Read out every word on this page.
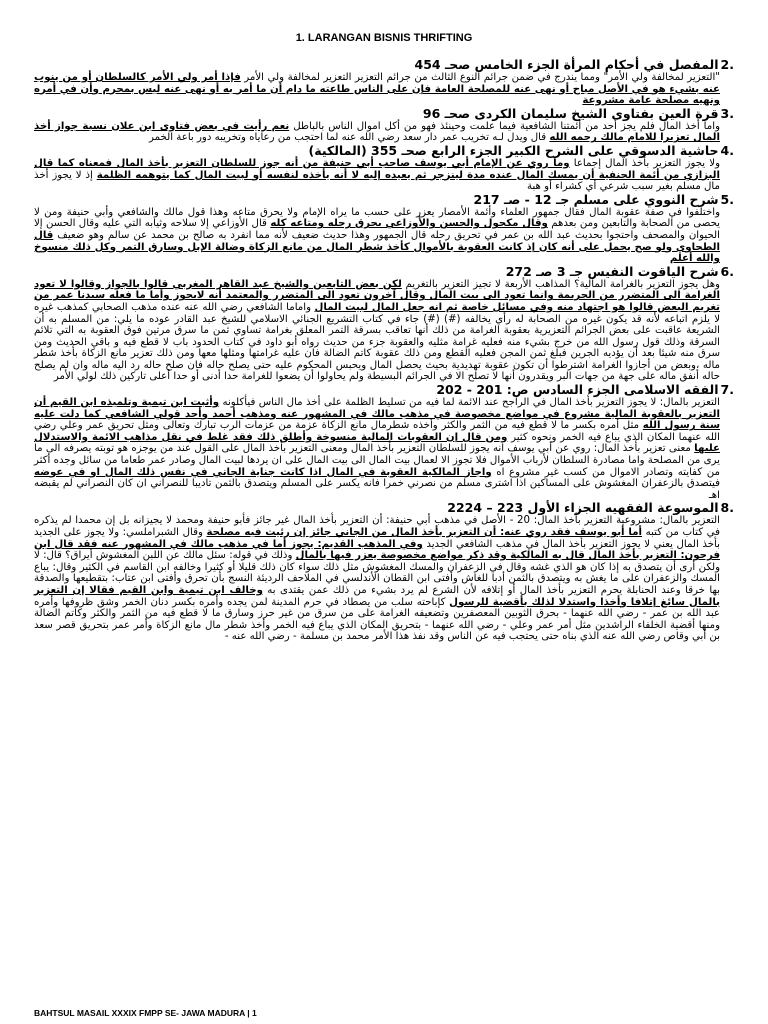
1. LARANGAN BISNIS THRIFTING
2.
المفصل في أحكام المرأة الجزء الخامس صحـ 454
"التعزير لمخالفة ولي الأمر" ومما يندرج في ضمن جرائم النوع الثالث من جرائم التعزير التعزير لمخالفة ولي الأمر فإذا أمر ولي الأمر كالسلطان أو من ينوب عنه بشيء هو في الأصل مباح أو نهى عنه للمصلحة العامة فإن على الناس طاعته ما دام أن ما أمر به أو نهى عنه ليس بمحرم وأن في أمره ونهيه مصلحة عامة مشروعة
3.
قرة العين بفتاوى الشيخ سليمان الكردى صحـ 96
واما أخذ المال فلم يجز أحد من أئمتنا الشافعية فيما علمت وحينئذ فهو من أكل اموال الناس بالباطل نعم رأيت في بعض فتاوى ابن علان نسبة جواز أخذ المال تعزيرا للامام مالك رحمه الله قال ويدل لـه تخريب عمر دار سعد رضي الله عنه لما احتجب من رعاياه وتخريبه دور باعة الخمر
4.
حاشية الدسوقي على الشرح الكبير الجزء الرابع صحـ 355 (المالكية)
ولا يجوز التعزير بأخذ المال إجماعا وما روي عن الإمام أبي يوسف صاحب أبي حنيفة من أنه جوز للسلطان التعزير بأخذ المال فمعناه كما قال البزازي من أئمة الحنفية أن يمسك المال عنده مدة لينزجر ثم يعيده إليه لا أنه يأخذه لنفسه أو لبيت المال كما يتوهمه الظلمة إذ لا يجوز أخذ مال مسلم بغير سبب شرعي أي كشراء أو هبة
5.
شرح النووي على مسلم جـ 12 - صـ 217
واختلفوا في صفة عقوبة المال فقال جمهور العلماء وأئمة الأمصار يعزر على حسب ما يراه الإمام ولا يحرق متاعه وهذا قول مالك والشافعي وأبي حنيفة ومن لا يحصى من الصحابة والتابعين ومن بعدهم وقال مكحول والحسن والأوزاعي يحرق رحله ومتاعه كله قال الأوزاعي إلا سلاحه وثيابه التي عليه وقال الحسن إلا الحيوان والمصحف واحتجوا بحديث عبد الله بن عمر في تحريق رحله قال الجمهور وهذا حديث ضعيف لأنه مما انفرد به صالح بن محمد عن سالم وهو ضعيف قال الطحاوي ولو صح يحمل على أنه كان إذ كانت العقوبة بالأموال كأخذ شطر المال من مانع الزكاة وضالة الإبل وسارق التمر وكل ذلك منسوخ والله أعلم
6.
شرح الياقوت النفيس جـ 3 صـ 272
وهل يجوز التعزير بالغرامة المالية؟ المذاهب الأربعة لا تجيز التعزير بالتغريم لكن بعض التابعين والشيخ عبد القاهر المغربي قالوا بالجواز وقالوا لا تعود الغرامة الى المتضرر من الجريمة وانما تعود الى بيت المال وقال آخرون تعود الى المتضرر والمعتمد أنه لايجوز وأما ما فعله سيدنا عمر من تغريم البعض قالوا هو اجتهاد منه وفي مسائل خاصة ثم انه جعل المال لبيت المال واماما الشافعي رضي الله عنه عنده مذهب الصحابي كمذهب غيره لا يلزم اتباعه لأنه قد يكون غيره من الصحابة له رأي يخالفه (#) (#) جاء في كتاب التشريع الجنائي الاسلامي للشيخ عبد القادر عوده ما يلي: من المسلم به أن الشريعة عاقبت على بعض الجرائم التعزيرية بعقوبة الغرامة من ذلك أنها تعاقب بسرقة التمر المعلق بغرامة تساوي ثمن ما سرق مرتين فوق العقوبة به التي تلائم السرقة وذلك قول رسول الله من خرج بشيء منه فعليه غرامة مثليه والعقوبة جزء من حديث رواه أبو داود في كتاب الحدود باب لا قطع فيه و باقي الحديث ومن سرق منه شيئا بعد أن يؤديه الجرين فبلغ ثمن المجن فعليه القطع ومن ذلك عقوبة كاتم الضالة فان عليه غرامتها ومثلها معها ومن ذلك تعزير مانع الزكاة بأخذ شطر ماله ،وبعض من أجازوا الغرامة اشترطوا أن تكون عقوبة تهديدية بحيث يحصل المال ويحبس المحكوم عليه حتى يصلح حاله فان صلح حاله رد اليه ماله وان لم يصلح حاله أنفق ماله على جهة من جهات البر ويقدرون أنها لا تصلح الا في الجرائم البسيطة ولم يحاولوا أن يضعوا للغرامة حدا أدنى أو حدا أعلى تاركين ذلك لولي الأمر
7.
الفقه الاسلامى الجزء السادس ص: 201 - 202
التعزير بالمال: لا يجوز التعزير بأخذ المال في الراجح عند الائمة لما فيه من تسليط الظلمة على أخذ مال الناس فيأكلونه وأثبت ابن تيمية وتلميذه ابن القيم أن التعزير بالعقوبة المالية مشروع في مواضع مخصوصة في مذهب مالك في المشهور عنه ومذهب أحمد وأحد قولي الشافعي كما دلت عليه سنة رسول الله مثل أمره بكسر ما لا قطع فيه من الثمر والكثر وأخذه شطرمال مانع الزكاة عزمة من عزمات الرب تبارك وتعالى ومثل تحريق عمر وعلي رضي الله عنهما المكان الذي يباع فيه الخمر ونحوه كثير ومن قال إن العقوبات المالية منسوخة وأطلق ذلك فقد غلط في نقل مذاهب الائمة والاستدلال عليها معنى تعزير بأخذ المال: روي عن أبي يوسف انه يجوز للسلطان التعزير بأخذ المال ومعنى التعزير بأخذ المال على القول عند من يوجزه هو توبته يصرفه الى ما يرى من المصلحة واما مصادرة السلطان لأرباب الأموال فلا تجوز الا لعمال بيت المال الى بيت المال على ان يردها لبيت المال وصادر عمر طعاما من سائل وجده أكثر من كفايته وتصادر الاموال من كسب غير مشروع اه واجاز المالكية العقوبة في المال اذا كانت جناية الجاني في نفس ذلك المال او في عوضه فيتصدق بالزعفران المغشوش على المساكين اذا اشترى مسلم من نصرني خمرا فانه يكسر على المسلم ويتصدق بالثمن تاديبا للنصراني ان كان النصراني لم يقبضه اهـ
8.
الموسوعة الفقهيه الجزاء الأول 223 – 2224
التعزير بالمال: مشروعية التعزير بأخذ المال: 20 - الأصل في مذهب أبي حنيفة: أن التعزير بأخذ المال غير جائز فأبو حنيفة ومحمد لا يجيزانه بل إن محمدا لم يذكره في كتاب من كتبه أما أبو يوسف فقد روي عنه: أن التعزير بأخذ المال من الجاني جائز إن رئيت فيه مصلحة وقال الشبراملسي: ولا يجوز على الجديد بأخذ المال يعني لا يجوز التعزير بأخذ المال في مذهب الشافعي الجديد وفي المذهب القديم: يجوز أما في مذهب مالك في المشهور عنه فقد قال ابن فرحون: التعزير بأخذ المال قال به المالكية وقد ذكر مواضع مخصوصة يعزر فيها بالمال وذلك في قوله: سئل مالك عن اللبن المغشوش أيراق؟ قال: لا ولكن أرى أن يتصدق به إذا كان هو الذي غشه وقال في الزعفران والمسك المغشوش مثل ذلك سواء كان ذلك قليلا أو كثيرا وخالفه ابن القاسم في الكثير وقال: يباع المسك والزعفران على ما يغش به ويتصدق بالثمن أدبا للغاش وأفتى ابن القطان الأندلسي في الملاحف الرديئة النسج بأن تحرق وأفتى ابن عتاب: بتقطيعها والصدقة بها خرقا وعند الحنابلة يحرم التعزير بأخذ المال أو إتلافه لأن الشرع لم يرد بشيء من ذلك عمن يقتدى به وخالف ابن تيمية وابن القيم فقالا إن التعزير بالمال سائغ إتلافا وأخذا واستدلا لذلك بأقضية للرسول كإباحته سلب من يصطاد في حرم المدينة لمن يجده وأمره بكسر دنان الخمر وشق ظروفها وأمره عبد الله بن عمر - رضي الله عنهما - بحرق الثوبين المعصفرين وتضعيفه الغرامة على من سرق من غير حرز وسارق ما لا قطع فيه من الثمر والكثر وكاتم الضالة ومنها أقضية الخلفاء الراشدين مثل أمر عمر وعلي - رضي الله عنهما - بتحريق المكان الذي يباع فيه الخمر وأخذ شطر مال مانع الزكاة وأمر عمر بتحريق قصر سعد بن أبي وقاص رضي الله عنه الذي بناه حتى يحتجب فيه عن الناس وقد نفذ هذا الأمر محمد بن مسلمة - رضي الله عنه -
BAHTSUL MASAIL XXXIX FMPP SE- JAWA MADURA | 1
